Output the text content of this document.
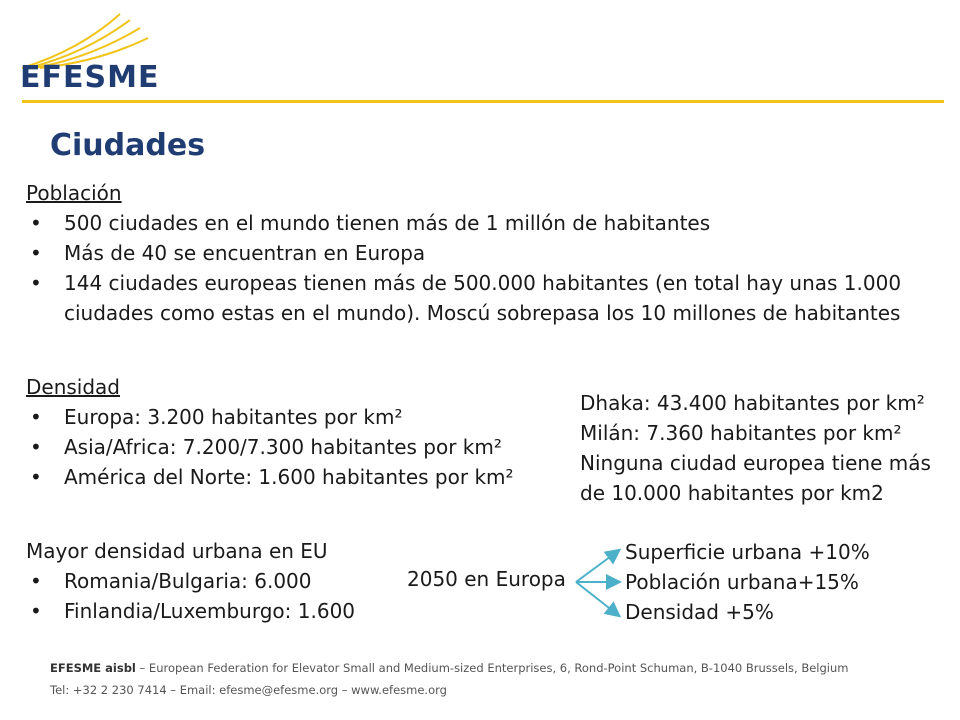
EFESME
Ciudades
Población
• 500 ciudades en el mundo tienen más de 1 millón de habitantes
• Más de 40 se encuentran en Europa
• 144 ciudades europeas tienen más de 500.000 habitantes (en total hay unas 1.000 ciudades como estas en el mundo). Moscú sobrepasa los 10 millones de habitantes
Densidad
• Europa: 3.200 habitantes por km²
• Asia/Africa: 7.200/7.300 habitantes por km²
• América del Norte: 1.600 habitantes por km²
Dhaka: 43.400 habitantes por km²
Milán: 7.360 habitantes por km²
Ninguna ciudad europea tiene más
de 10.000 habitantes por km2
Mayor densidad urbana en EU
• Romania/Bulgaria: 6.000
• Finlandia/Luxemburgo: 1.600
2050 en Europa
Superficie urbana +10%
Población urbana+15%
Densidad +5%
EFESME aisbl – European Federation for Elevator Small and Medium-sized Enterprises, 6, Rond-Point Schuman, B-1040 Brussels, Belgium
Tel: +32 2 230 7414 – Email: efesme@efesme.org – www.efesme.org
